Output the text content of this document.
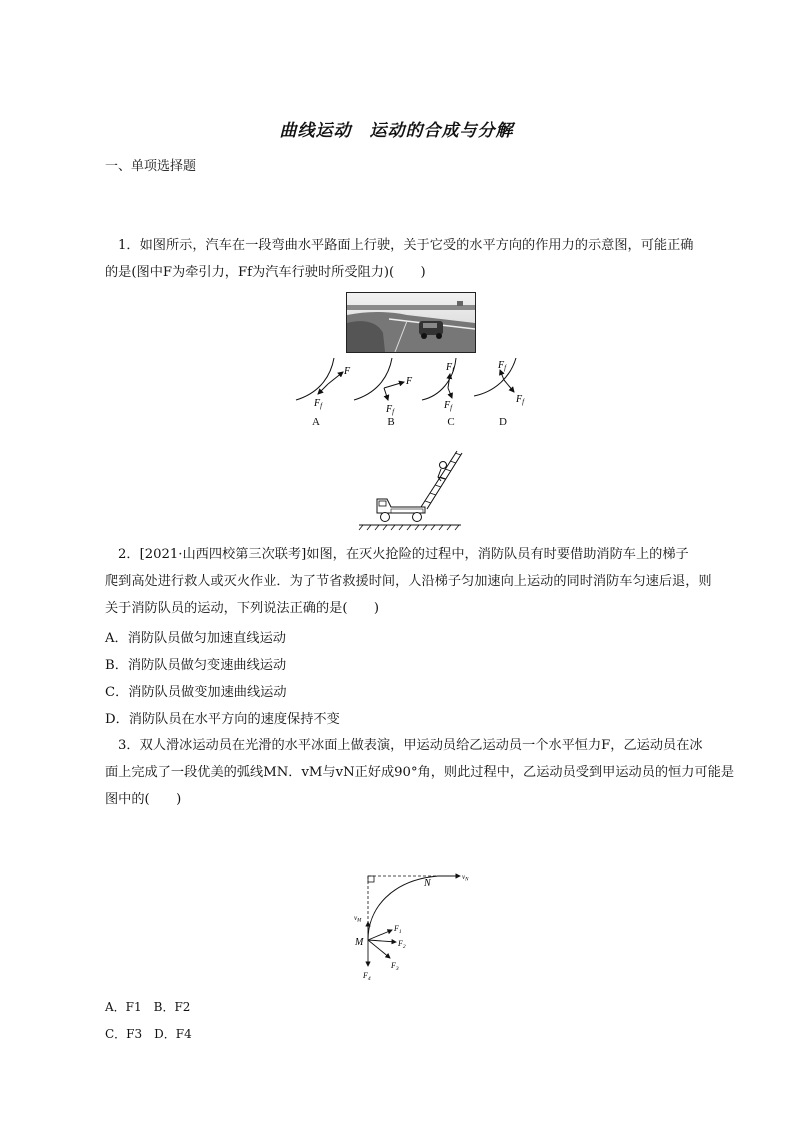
曲线运动　运动的合成与分解
一、单项选择题
1．如图所示，汽车在一段弯曲水平路面上行驶，关于它受的水平方向的作用力的示意图，可能正确
的是(图中F为牵引力，Ff为汽车行驶时所受阻力)(　　)
F
$F_f$
F
$F_f$
$F_f$
$F_f$
$F_f$
$F_f$
A	B	C	D
2．[2021·山西四校第三次联考]如图，在灭火抢险的过程中，消防队员有时要借助消防车上的梯子
爬到高处进行救人或灭火作业．为了节省救援时间，人沿梯子匀加速向上运动的同时消防车匀速后退，则
关于消防队员的运动，下列说法正确的是(　　)
A．消防队员做匀加速直线运动
B．消防队员做匀变速曲线运动
C．消防队员做变加速曲线运动
D．消防队员在水平方向的速度保持不变
3．双人滑冰运动员在光滑的水平冰面上做表演，甲运动员给乙运动员一个水平恒力F，乙运动员在冰
面上完成了一段优美的弧线MN．vM与vN正好成90°角，则此过程中，乙运动员受到甲运动员的恒力可能是
图中的(　　)
N
$v_N$
$v_M$
M
$F_1$
$F_2$
$F_3$
$F_4$
A．F1　B．F2
C．F3　D．F4
